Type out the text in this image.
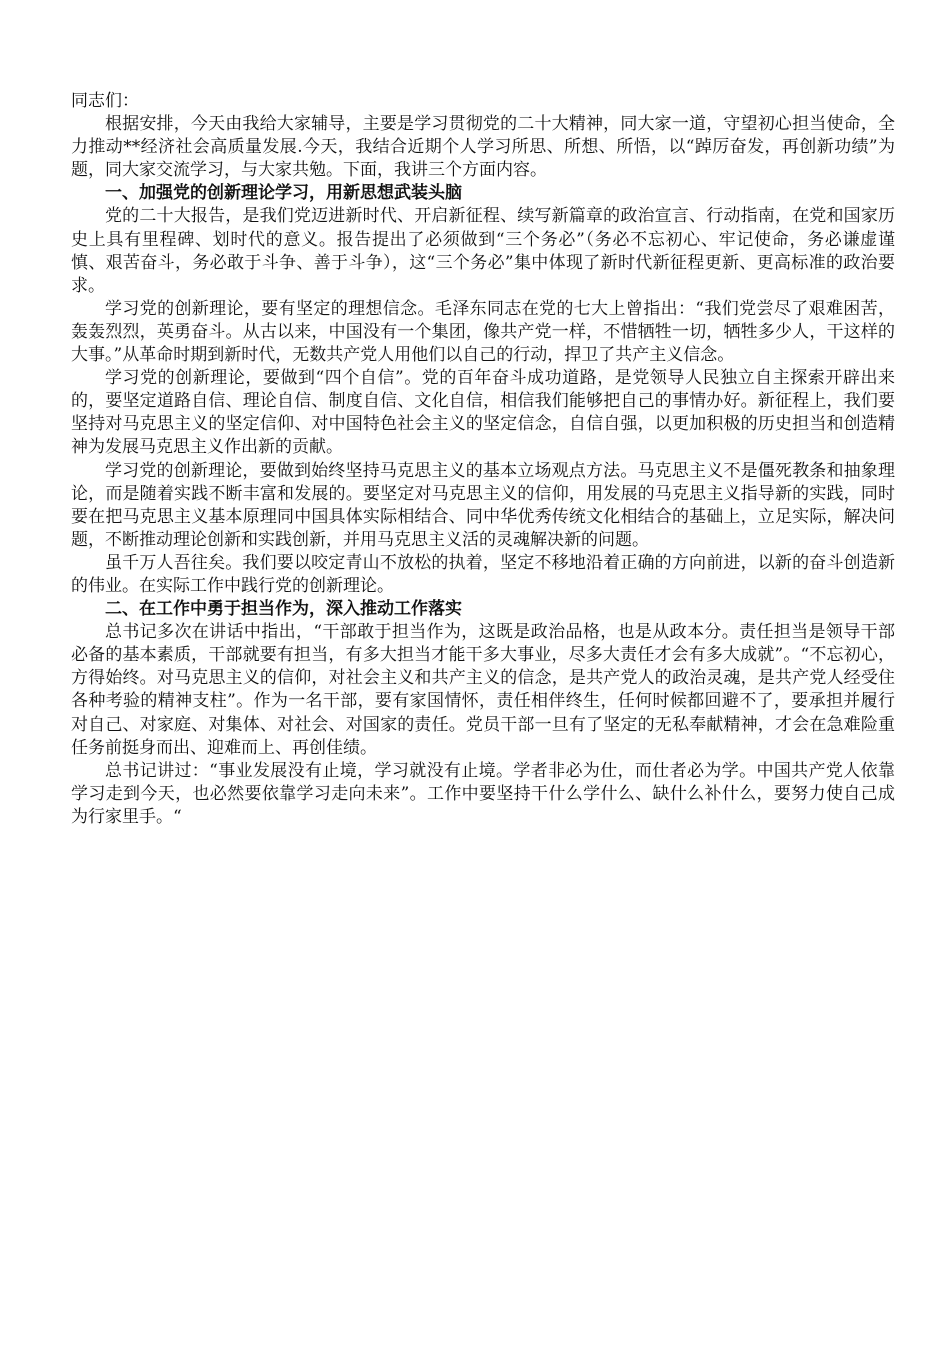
同志们：

根据安排，今天由我给大家辅导，主要是学习贯彻党的二十大精神，同大家一道，守望初心担当使命，全力推动**经济社会高质量发展.今天，我结合近期个人学习所思、所想、所悟，以“踔厉奋发，再创新功绩”为题，同大家交流学习，与大家共勉。下面，我讲三个方面内容。

一、加强党的创新理论学习，用新思想武装头脑

党的二十大报告，是我们党迈进新时代、开启新征程、续写新篇章的政治宣言、行动指南，在党和国家历史上具有里程碑、划时代的意义。报告提出了必须做到“三个务必”（务必不忘初心、牢记使命，务必谦虚谨慎、艰苦奋斗，务必敢于斗争、善于斗争），这“三个务必”集中体现了新时代新征程更新、更高标准的政治要求。

学习党的创新理论，要有坚定的理想信念。毛泽东同志在党的七大上曾指出：“我们党尝尽了艰难困苦，轰轰烈烈，英勇奋斗。从古以来，中国没有一个集团，像共产党一样，不惜牺牲一切，牺牲多少人，干这样的大事。”从革命时期到新时代，无数共产党人用他们以自己的行动，捍卫了共产主义信念。

学习党的创新理论，要做到“四个自信”。党的百年奋斗成功道路，是党领导人民独立自主探索开辟出来的，要坚定道路自信、理论自信、制度自信、文化自信，相信我们能够把自己的事情办好。新征程上，我们要坚持对马克思主义的坚定信仰、对中国特色社会主义的坚定信念，自信自强，以更加积极的历史担当和创造精神为发展马克思主义作出新的贡献。

学习党的创新理论，要做到始终坚持马克思主义的基本立场观点方法。马克思主义不是僵死教条和抽象理论，而是随着实践不断丰富和发展的。要坚定对马克思主义的信仰，用发展的马克思主义指导新的实践，同时要在把马克思主义基本原理同中国具体实际相结合、同中华优秀传统文化相结合的基础上，立足实际，解决问题，不断推动理论创新和实践创新，并用马克思主义活的灵魂解决新的问题。

虽千万人吾往矣。我们要以咬定青山不放松的执着，坚定不移地沿着正确的方向前进，以新的奋斗创造新的伟业。在实际工作中践行党的创新理论。

二、在工作中勇于担当作为，深入推动工作落实

总书记多次在讲话中指出，“干部敢于担当作为，这既是政治品格，也是从政本分。责任担当是领导干部必备的基本素质，干部就要有担当，有多大担当才能干多大事业，尽多大责任才会有多大成就”。“不忘初心，方得始终。对马克思主义的信仰，对社会主义和共产主义的信念，是共产党人的政治灵魂，是共产党人经受住各种考验的精神支柱”。作为一名干部，要有家国情怀，责任相伴终生，任何时候都回避不了，要承担并履行对自己、对家庭、对集体、对社会、对国家的责任。党员干部一旦有了坚定的无私奉献精神，才会在急难险重任务前挺身而出、迎难而上、再创佳绩。

总书记讲过：“事业发展没有止境，学习就没有止境。学者非必为仕，而仕者必为学。中国共产党人依靠学习走到今天，也必然要依靠学习走向未来”。工作中要坚持干什么学什么、缺什么补什么，要努力使自己成为行家里手。“
